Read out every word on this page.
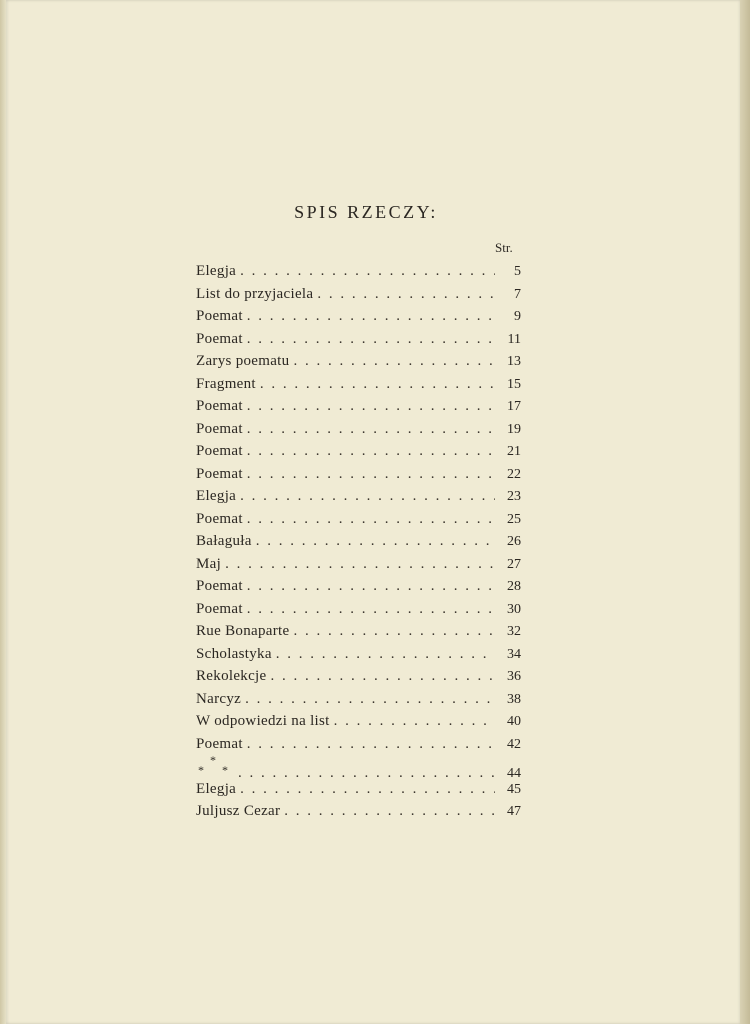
SPIS RZECZY:
Str.
Elegja . . .	5
List do przyjaciela . . .	7
Poemat . . .	9
Poemat . . .	11
Zarys poematu . . .	13
Fragment . . .	15
Poemat . . .	17
Poemat . . .	19
Poemat . . .	21
Poemat . . .	22
Elegja . . .	23
Poemat . . .	25
Bałaguła . . .	26
Maj . . .	27
Poemat . . .	28
Poemat . . .	30
Rue Bonaparte . . .	32
Scholastyka . . .	34
Rekolekcje . . .	36
Narcyz . . .	38
W odpowiedzi na list . . .	40
Poemat . . .	42
*
* * . . .	44
Elegja . . .	45
Juljusz Cezar . . .	47
